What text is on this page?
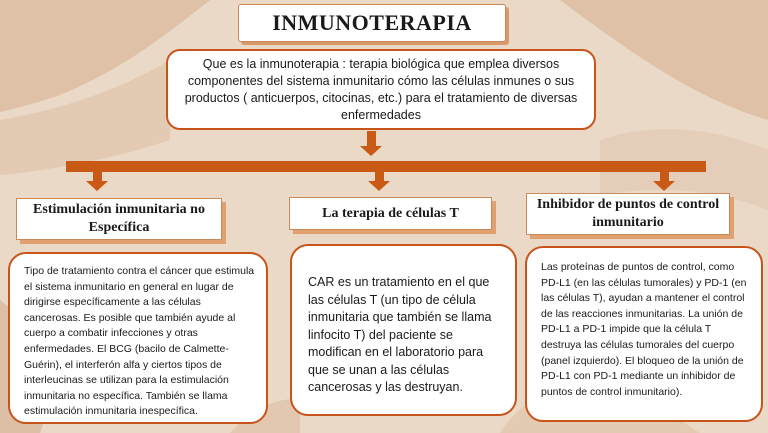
INMUNOTERAPIA
Que es la inmunoterapia : terapia biológica que emplea diversos componentes del sistema inmunitario cómo las células inmunes o sus productos ( anticuerpos, citocinas, etc.) para el tratamiento de diversas enfermedades
Estimulación inmunitaria no Específica
La terapia de células T
Inhibidor de puntos de control inmunitario
Tipo de tratamiento contra el cáncer que estimula el sistema inmunitario en general en lugar de dirigirse específicamente a las células cancerosas. Es posible que también ayude al cuerpo a combatir infecciones y otras enfermedades. El BCG (bacilo de Calmette-Guérin), el interferón alfa y ciertos tipos de interleucinas se utilizan para la estimulación inmunitaria no específica. También se llama estimulación inmunitaria inespecífica.
CAR es un tratamiento en el que las células T (un tipo de célula inmunitaria que también se llama linfocito T) del paciente se modifican en el laboratorio para que se unan a las células cancerosas y las destruyan.
Las proteínas de puntos de control, como PD-L1 (en las células tumorales) y PD-1 (en las células T), ayudan a mantener el control de las reacciones inmunitarias. La unión de PD-L1 a PD-1 impide que la célula T destruya las células tumorales del cuerpo (panel izquierdo). El bloqueo de la unión de PD-L1 con PD-1 mediante un inhibidor de puntos de control inmunitario).
